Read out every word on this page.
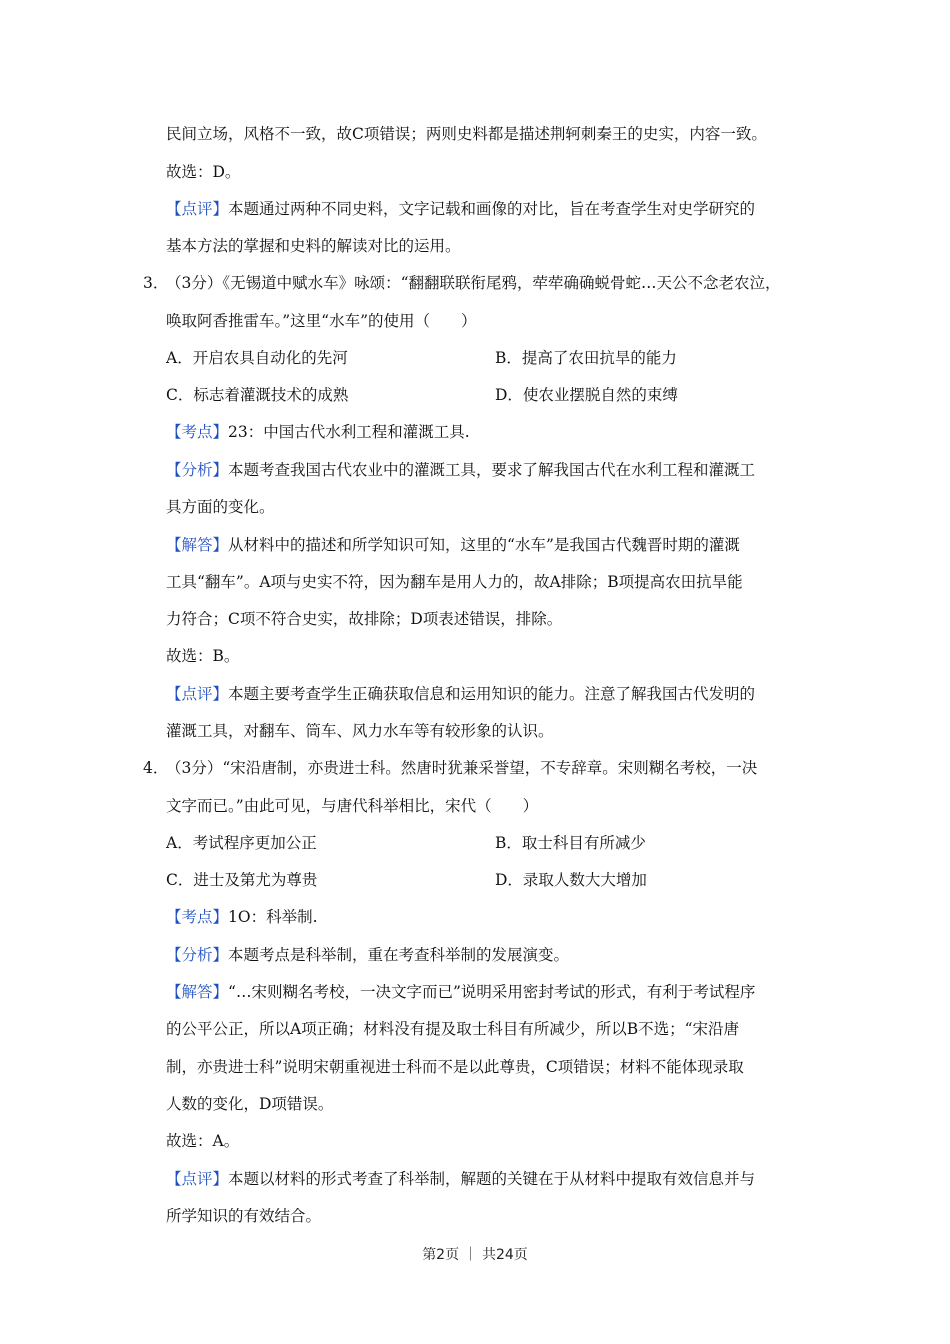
民间立场，风格不一致，故C项错误；两则史料都是描述荆轲刺秦王的史实，内容一致。
故选：D。
【点评】本题通过两种不同史料，文字记载和画像的对比，旨在考查学生对史学研究的
基本方法的掌握和史料的解读对比的运用。
3．
（3分）《无锡道中赋水车》咏颂：“翻翻联联衔尾鸦，荦荦确确蜕骨蛇…天公不念老农泣，
唤取阿香推雷车。”这里“水车”的使用（　　）
A．开启农具自动化的先河	B．提高了农田抗旱的能力
C．标志着灌溉技术的成熟	D．使农业摆脱自然的束缚
【考点】23：中国古代水利工程和灌溉工具.
【分析】本题考查我国古代农业中的灌溉工具，要求了解我国古代在水利工程和灌溉工
具方面的变化。
【解答】从材料中的描述和所学知识可知，这里的“水车”是我国古代魏晋时期的灌溉
工具“翻车”。A项与史实不符，因为翻车是用人力的，故A排除；B项提高农田抗旱能
力符合；C项不符合史实，故排除；D项表述错误，排除。
故选：B。
【点评】本题主要考查学生正确获取信息和运用知识的能力。注意了解我国古代发明的
灌溉工具，对翻车、筒车、风力水车等有较形象的认识。
4．
（3分）“宋沿唐制，亦贵进士科。然唐时犹兼采誉望，不专辞章。宋则糊名考校，一决
文字而已。”由此可见，与唐代科举相比，宋代（　　）
A．考试程序更加公正	B．取士科目有所减少
C．进士及第尤为尊贵	D．录取人数大大增加
【考点】1O：科举制.
【分析】本题考点是科举制，重在考查科举制的发展演变。
【解答】“…宋则糊名考校，一决文字而已”说明采用密封考试的形式，有利于考试程序
的公平公正，所以A项正确；材料没有提及取士科目有所减少，所以B不选；“宋沿唐
制，亦贵进士科”说明宋朝重视进士科而不是以此尊贵，C项错误；材料不能体现录取
人数的变化，D项错误。
故选：A。
【点评】本题以材料的形式考查了科举制，解题的关键在于从材料中提取有效信息并与
所学知识的有效结合。
第2页 ｜ 共24页
